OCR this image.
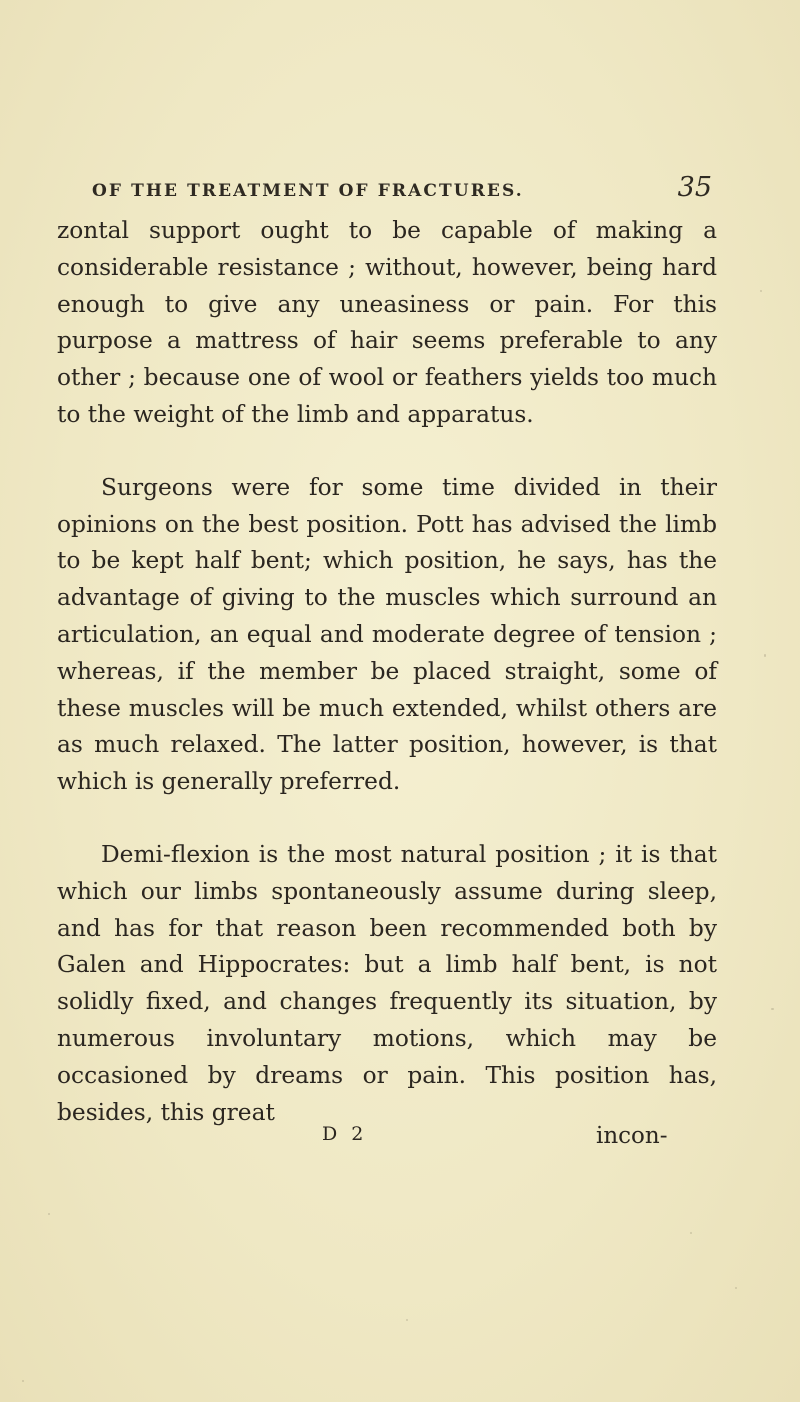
OF THE TREATMENT OF FRACTURES.	35

zontal support ought to be capable of making a considerable resistance ; without, however, being hard enough to give any uneasiness or pain. For this purpose a mattress of hair seems preferable to any other ; because one of wool or feathers yields too much to the weight of the limb and apparatus.

Surgeons were for some time divided in their opinions on the best position. Pott has advised the limb to be kept half bent; which position, he says, has the advantage of giving to the muscles which surround an articulation, an equal and moderate degree of tension ; whereas, if the member be placed straight, some of these muscles will be much extended, whilst others are as much relaxed. The latter position, however, is that which is generally preferred.

Demi-flexion is the most natural position ; it is that which our limbs spontaneously assume during sleep, and has for that reason been recommended both by Galen and Hippocrates: but a limb half bent, is not solidly fixed, and changes frequently its situation, by numerous involuntary motions, which may be occasioned by dreams or pain. This position has, besides, this great

D 2	incon-
